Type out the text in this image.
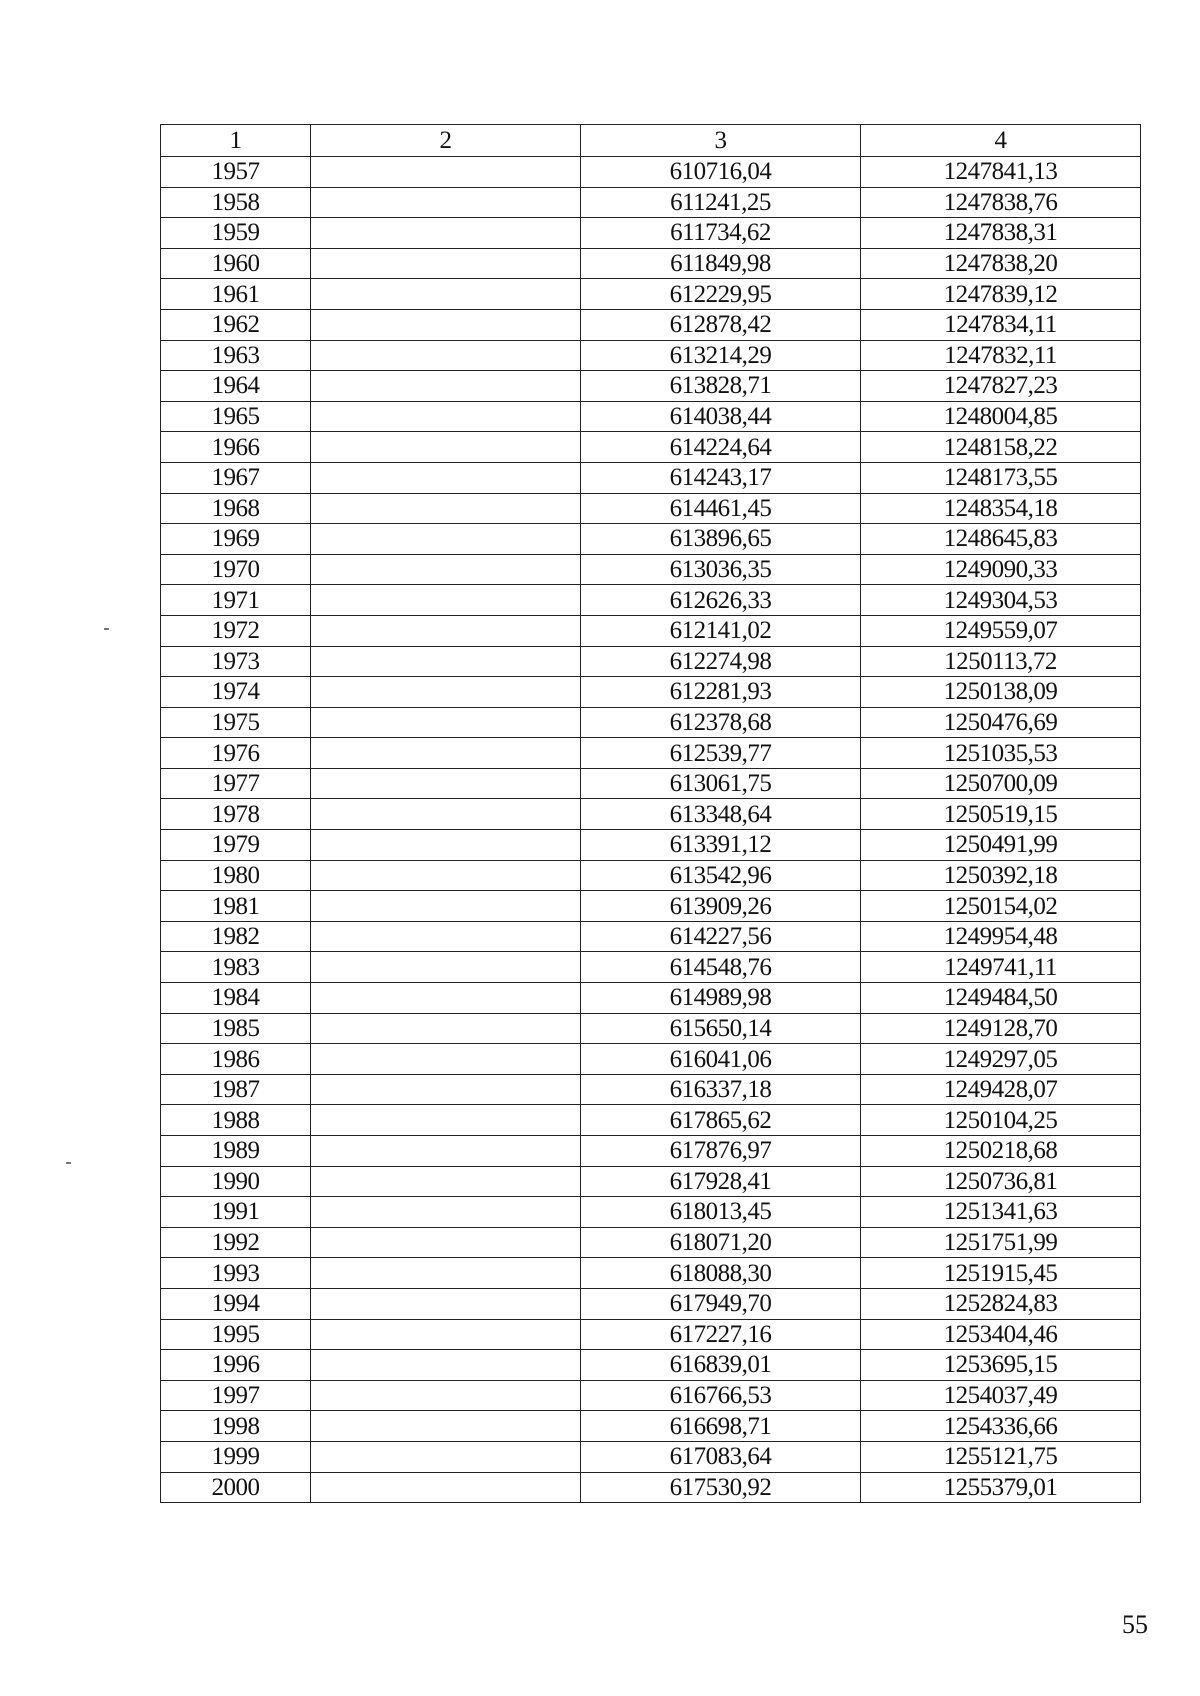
1	2	3	4
1957		610716,04	1247841,13
1958		611241,25	1247838,76
1959		611734,62	1247838,31
1960		611849,98	1247838,20
1961		612229,95	1247839,12
1962		612878,42	1247834,11
1963		613214,29	1247832,11
1964		613828,71	1247827,23
1965		614038,44	1248004,85
1966		614224,64	1248158,22
1967		614243,17	1248173,55
1968		614461,45	1248354,18
1969		613896,65	1248645,83
1970		613036,35	1249090,33
1971		612626,33	1249304,53
1972		612141,02	1249559,07
1973		612274,98	1250113,72
1974		612281,93	1250138,09
1975		612378,68	1250476,69
1976		612539,77	1251035,53
1977		613061,75	1250700,09
1978		613348,64	1250519,15
1979		613391,12	1250491,99
1980		613542,96	1250392,18
1981		613909,26	1250154,02
1982		614227,56	1249954,48
1983		614548,76	1249741,11
1984		614989,98	1249484,50
1985		615650,14	1249128,70
1986		616041,06	1249297,05
1987		616337,18	1249428,07
1988		617865,62	1250104,25
1989		617876,97	1250218,68
1990		617928,41	1250736,81
1991		618013,45	1251341,63
1992		618071,20	1251751,99
1993		618088,30	1251915,45
1994		617949,70	1252824,83
1995		617227,16	1253404,46
1996		616839,01	1253695,15
1997		616766,53	1254037,49
1998		616698,71	1254336,66
1999		617083,64	1255121,75
2000		617530,92	1255379,01
55
